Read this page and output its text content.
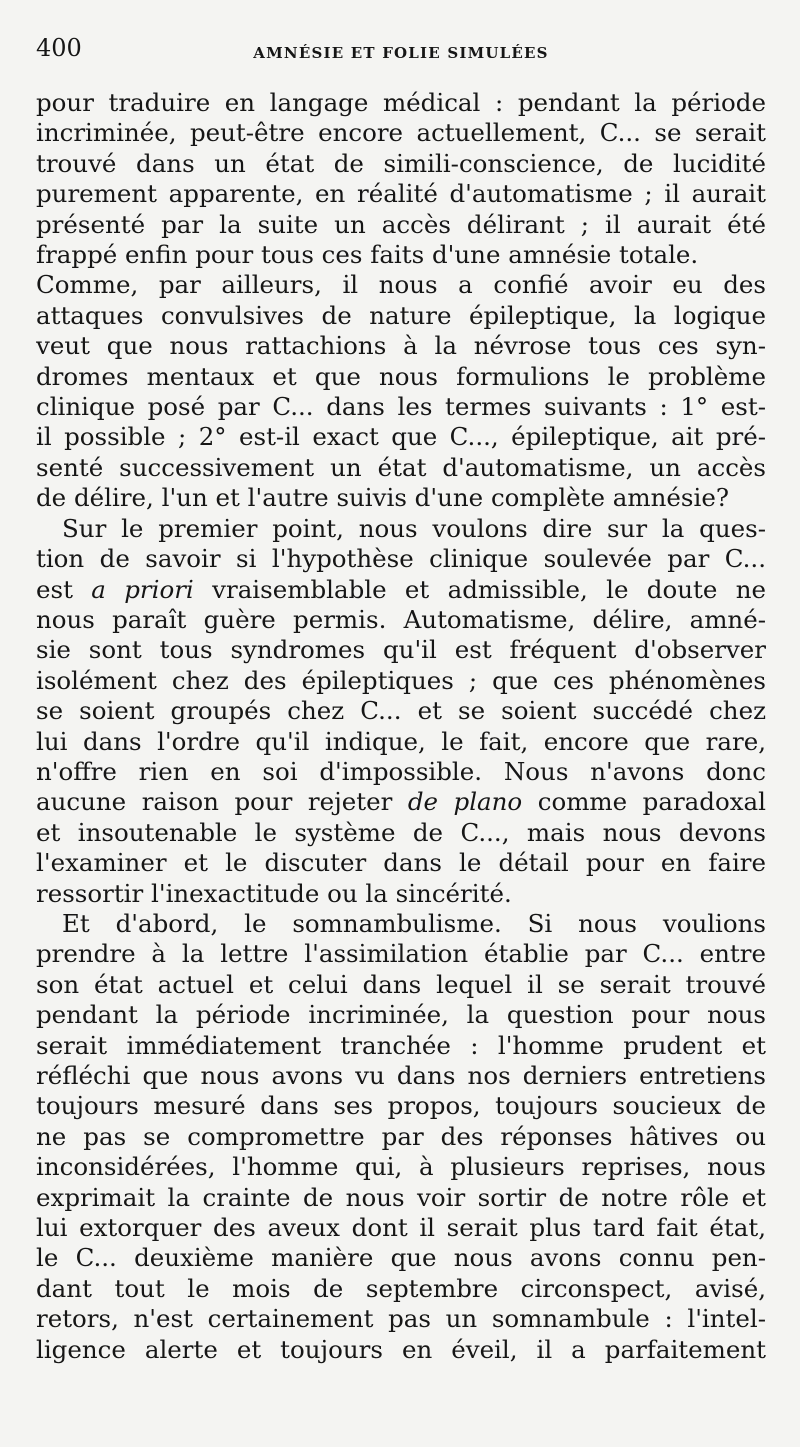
400	AMNÉSIE ET FOLIE SIMULÉES
pour traduire en langage médical : pendant la période
incriminée, peut-être encore actuellement, C... se serait
trouvé dans un état de simili-conscience, de lucidité
purement apparente, en réalité d'automatisme ; il aurait
présenté par la suite un accès délirant ; il aurait été
frappé enfin pour tous ces faits d'une amnésie totale.
Comme, par ailleurs, il nous a confié avoir eu des
attaques convulsives de nature épileptique, la logique
veut que nous rattachions à la névrose tous ces syn-
dromes mentaux et que nous formulions le problème
clinique posé par C... dans les termes suivants : 1° est-
il possible ; 2° est-il exact que C..., épileptique, ait pré-
senté successivement un état d'automatisme, un accès
de délire, l'un et l'autre suivis d'une complète amnésie?
Sur le premier point, nous voulons dire sur la ques-
tion de savoir si l'hypothèse clinique soulevée par C...
est a priori vraisemblable et admissible, le doute ne
nous paraît guère permis. Automatisme, délire, amné-
sie sont tous syndromes qu'il est fréquent d'observer
isolément chez des épileptiques ; que ces phénomènes
se soient groupés chez C... et se soient succédé chez
lui dans l'ordre qu'il indique, le fait, encore que rare,
n'offre rien en soi d'impossible. Nous n'avons donc
aucune raison pour rejeter de plano comme paradoxal
et insoutenable le système de C..., mais nous devons
l'examiner et le discuter dans le détail pour en faire
ressortir l'inexactitude ou la sincérité.
Et d'abord, le somnambulisme. Si nous voulions
prendre à la lettre l'assimilation établie par C... entre
son état actuel et celui dans lequel il se serait trouvé
pendant la période incriminée, la question pour nous
serait immédiatement tranchée : l'homme prudent et
réfléchi que nous avons vu dans nos derniers entretiens
toujours mesuré dans ses propos, toujours soucieux de
ne pas se compromettre par des réponses hâtives ou
inconsidérées, l'homme qui, à plusieurs reprises, nous
exprimait la crainte de nous voir sortir de notre rôle et
lui extorquer des aveux dont il serait plus tard fait état,
le C... deuxième manière que nous avons connu pen-
dant tout le mois de septembre circonspect, avisé,
retors, n'est certainement pas un somnambule : l'intel-
ligence alerte et toujours en éveil, il a parfaitement
